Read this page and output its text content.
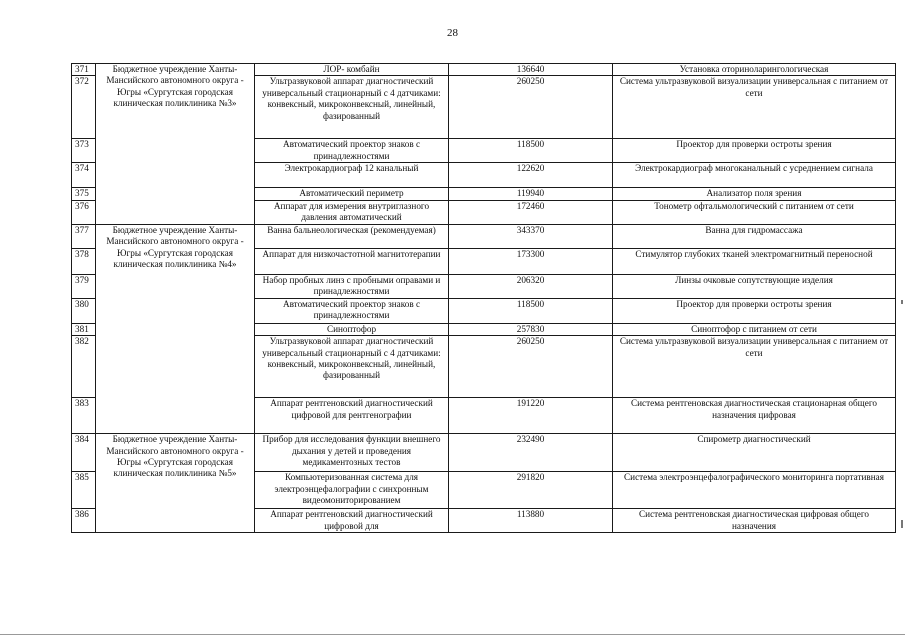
28
371	Бюджетное учреждение Ханты-Мансийского автономного округа - Югры «Сургутская городская клиническая поликлиника №3»	ЛОР- комбайн	136640	Установка оториноларингологическая
372		Ультразвуковой аппарат диагностический универсальный стационарный с 4 датчиками: конвексный, микроконвексный, линейный, фазированный	260250	Система ультразвуковой визуализации универсальная с питанием от сети
373		Автоматический проектор знаков с принадлежностями	118500	Проектор для проверки остроты зрения
374		Электрокардиограф 12 канальный	122620	Электрокардиограф многоканальный с усреднением сигнала
375		Автоматический периметр	119940	Анализатор поля зрения
376		Аппарат для измерения внутриглазного давления автоматический	172460	Тонометр офтальмологический с питанием от сети
377	Бюджетное учреждение Ханты-Мансийского автономного округа - Югры «Сургутская городская клиническая поликлиника №4»	Ванна бальнеологическая (рекомендуемая)	343370	Ванна для гидромассажа
378		Аппарат для низкочастотной магнитотерапии	173300	Стимулятор глубоких тканей электромагнитный переносной
379		Набор пробных линз с пробными оправами и принадлежностями	206320	Линзы очковые сопутствующие изделия
380		Автоматический проектор знаков с принадлежностями	118500	Проектор для проверки остроты зрения
381		Синоптофор	257830	Синоптофор с питанием от сети
382		Ультразвуковой аппарат диагностический универсальный стационарный с 4 датчиками: конвексный, микроконвексный, линейный, фазированный	260250	Система ультразвуковой визуализации универсальная с питанием от сети
383		Аппарат рентгеновский диагностический цифровой для рентгенографии	191220	Система рентгеновская диагностическая стационарная общего назначения цифровая
384	Бюджетное учреждение Ханты-Мансийского автономного округа - Югры «Сургутская городская клиническая поликлиника №5»	Прибор для исследования функции внешнего дыхания у детей и проведения медикаментозных тестов	232490	Спирометр диагностический
385		Компьютеризованная система для электроэнцефалографии с синхронным видеомониторированием	291820	Система электроэнцефалографического мониторинга портативная
386		Аппарат рентгеновский диагностический цифровой для	113880	Система рентгеновская диагностическая цифровая общего назначения
